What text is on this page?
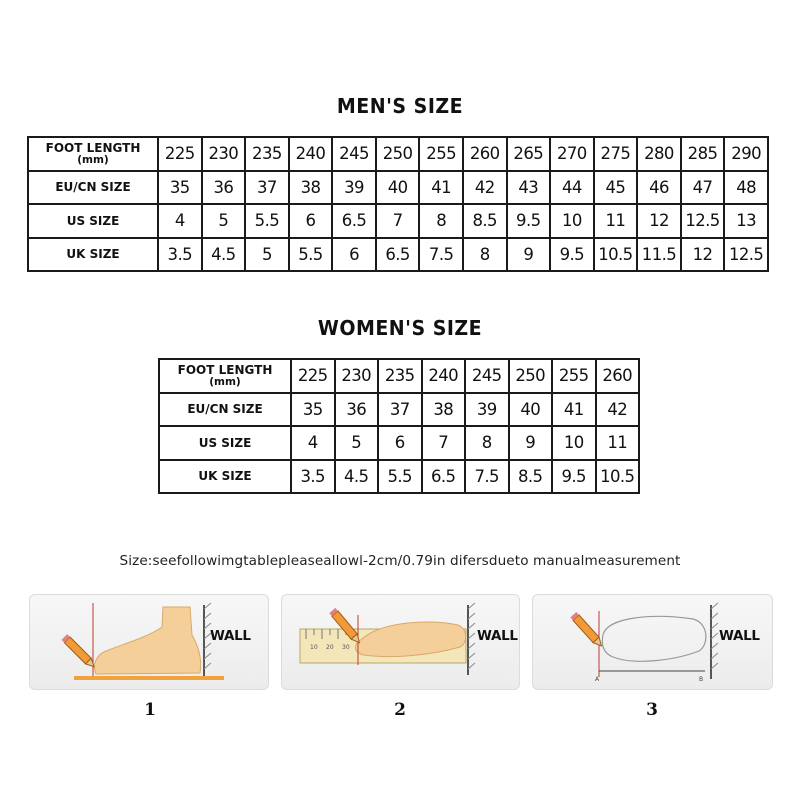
MEN'S SIZE
FOOT LENGTH
(mm)	225	230	235	240	245	250	255	260	265	270	275	280	285	290
EU/CN SIZE	35	36	37	38	39	40	41	42	43	44	45	46	47	48
US SIZE	4	5	5.5	6	6.5	7	8	8.5	9.5	10	11	12	12.5	13
UK SIZE	3.5	4.5	5	5.5	6	6.5	7.5	8	9	9.5	10.5	11.5	12	12.5
WOMEN'S SIZE
FOOT LENGTH
(mm)	225	230	235	240	245	250	255	260
EU/CN SIZE	35	36	37	38	39	40	41	42
US SIZE	4	5	6	7	8	9	10	11
UK SIZE	3.5	4.5	5.5	6.5	7.5	8.5	9.5	10.5
Size:seefollowimgtablepleaseallowl-2cm/0.79in difersdueto manualmeasurement
WALL
10 20 30
WALL
A	B
WALL
1	2	3
